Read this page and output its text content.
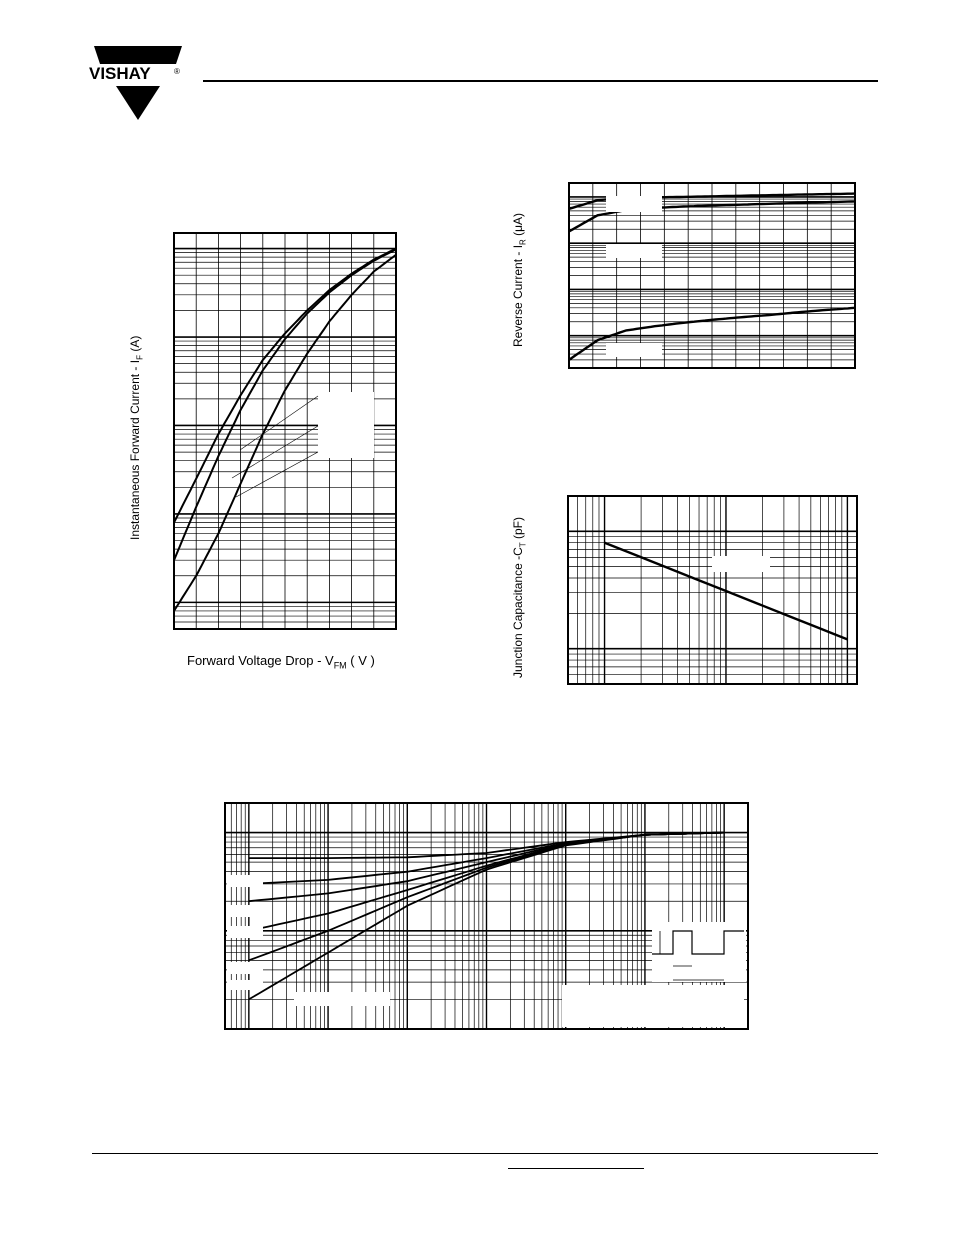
VISHAY	®
Instantaneous Forward Current - $I_F$ (A)
Forward Voltage Drop - $V_{FM}$ ( V )
Reverse Current - $I_R$ (μA)
Junction Capacitance $-C_T$ (pF)
